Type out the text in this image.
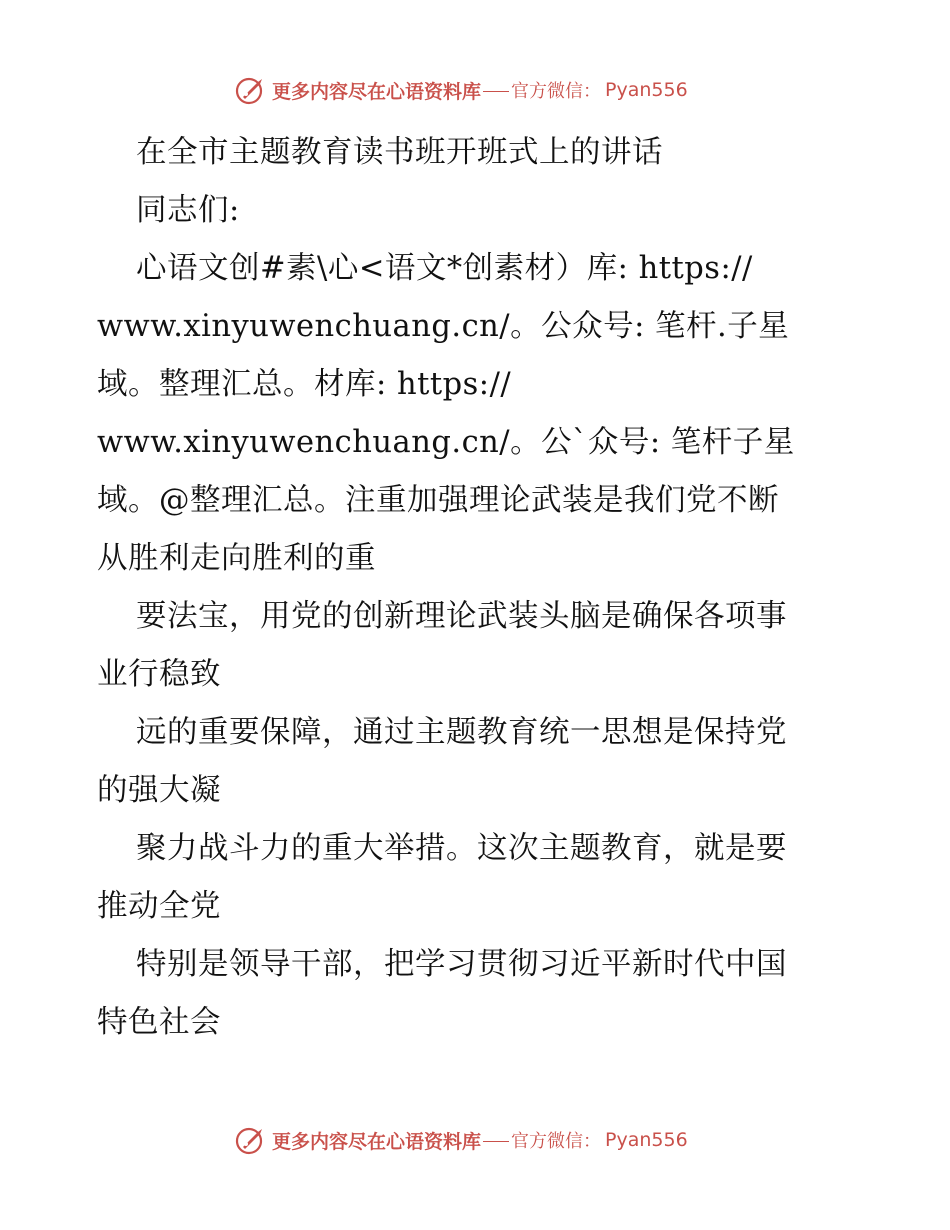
更多内容尽在心语资料库 官方微信： Pyan556
在全市主题教育读书班开班式上的讲话
同志们:
心语文创#素\心<语文*创素材）库: https://
www.xinyuwenchuang.cn/。公众号: 笔杆.子星
域。整理汇总。材库: https://
www.xinyuwenchuang.cn/。公`众号: 笔杆子星
域。@整理汇总。注重加强理论武装是我们党不断
从胜利走向胜利的重
要法宝，用党的创新理论武装头脑是确保各项事
业行稳致
远的重要保障，通过主题教育统一思想是保持党
的强大凝
聚力战斗力的重大举措。这次主题教育，就是要
推动全党
特别是领导干部，把学习贯彻习近平新时代中国
特色社会
更多内容尽在心语资料库 官方微信： Pyan556
